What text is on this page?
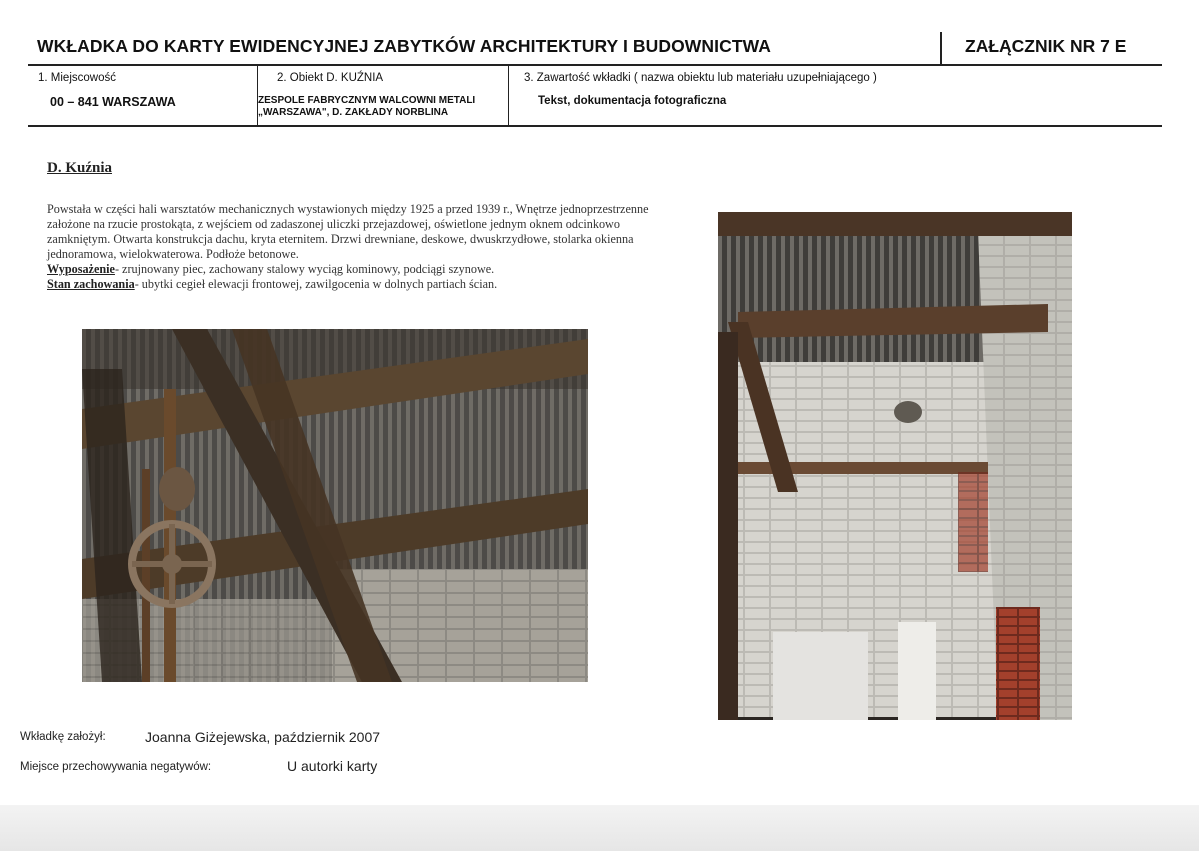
WKŁADKA DO KARTY EWIDENCYJNEJ ZABYTKÓW ARCHITEKTURY I BUDOWNICTWA	ZAŁĄCZNIK NR 7 E
1. Miejscowość
00 – 841 WARSZAWA
2. Obiekt D. KUŹNIA
ZESPOLE FABRYCZNYM WALCOWNI METALI „WARSZAWA", D. ZAKŁADY NORBLINA
3. Zawartość wkładki ( nazwa obiektu lub materiału uzupełniającego )
Tekst, dokumentacja fotograficzna
D. Kuźnia
Powstała w części hali warsztatów mechanicznych wystawionych między 1925 a przed 1939 r., Wnętrze jednoprzestrzenne założone na rzucie prostokąta, z wejściem od zadaszonej uliczki przejazdowej, oświetlone jednym oknem odcinkowo zamkniętym. Otwarta konstrukcja dachu, kryta eternitem. Drzwi drewniane, deskowe, dwuskrzydłowe, stolarka okienna jednoramowa, wielokwaterowa. Podłoże betonowe.
Wyposażenie- zrujnowany piec, zachowany stalowy wyciąg kominowy, podciągi szynowe.
Stan zachowania- ubytki cegieł elewacji frontowej, zawilgocenia w dolnych partiach ścian.
Wkładkę założył:	Joanna Giżejewska, październik 2007
Miejsce przechowywania negatywów:	U autorki karty
